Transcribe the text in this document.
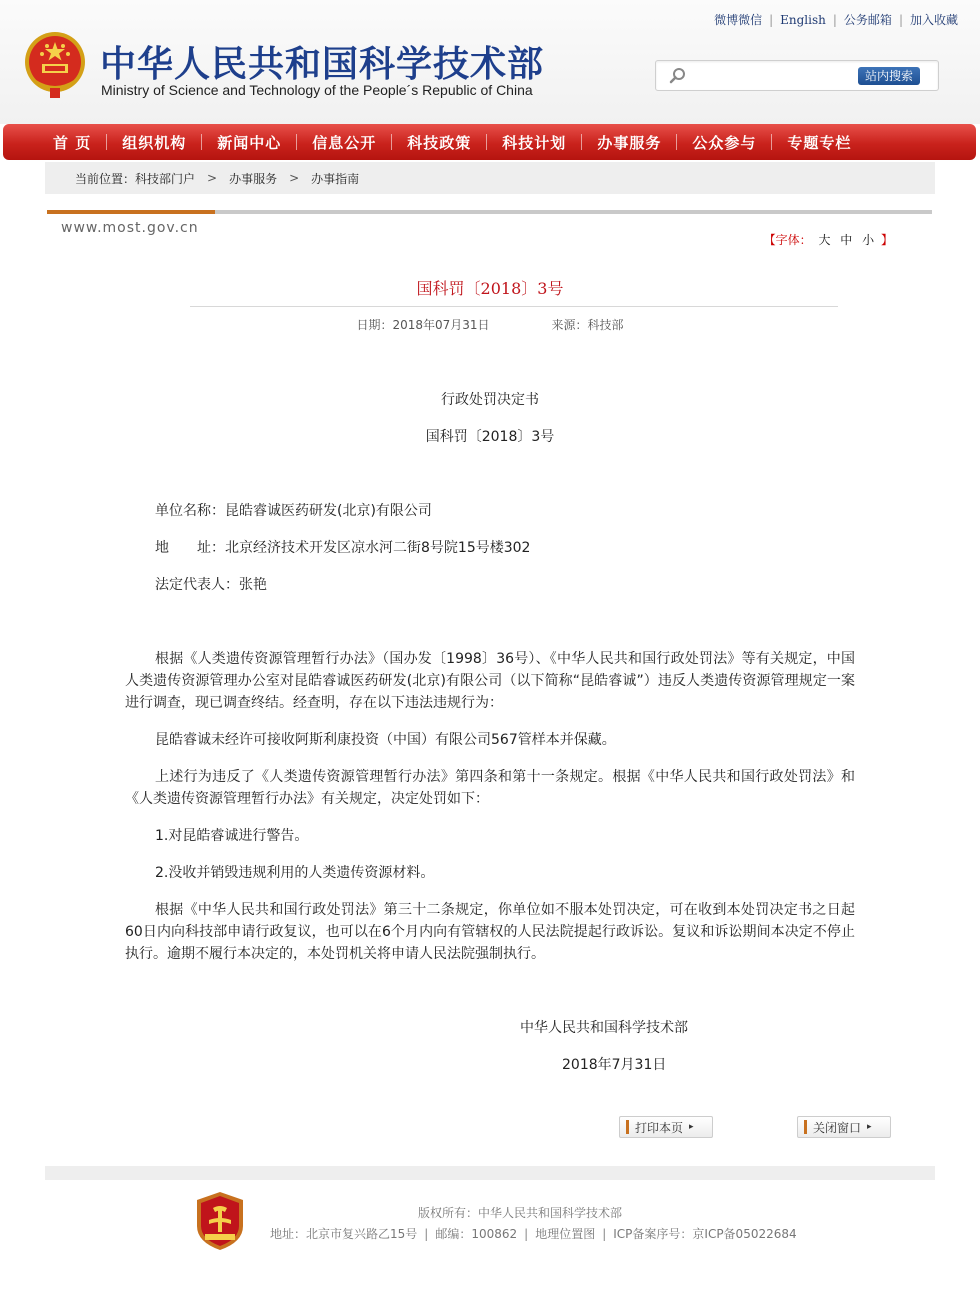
中华人民共和国科学技术部
Ministry of Science and Technology of the People´s Republic of China
微博微信 | English | 公务邮箱 | 加入收藏
站内搜索
首 页 组织机构 新闻中心 信息公开 科技政策 科技计划 办事服务 公众参与 专题专栏
当前位置： 科技部门户 > 办事服务 > 办事指南
www.most.gov.cn
【字体： 大 中 小 】
国科罚〔2018〕3号
日期：2018年07月31日	来源：科技部
行政处罚决定书
国科罚〔2018〕3号
单位名称：昆皓睿诚医药研发(北京)有限公司
地　　址：北京经济技术开发区凉水河二街8号院15号楼302
法定代表人：张艳
根据《人类遗传资源管理暂行办法》（国办发〔1998〕36号）、《中华人民共和国行政处罚法》等有关规定，中国人类遗传资源管理办公室对昆皓睿诚医药研发(北京)有限公司（以下简称“昆皓睿诚”）违反人类遗传资源管理规定一案进行调查，现已调查终结。经查明，存在以下违法违规行为：
昆皓睿诚未经许可接收阿斯利康投资（中国）有限公司567管样本并保藏。
上述行为违反了《人类遗传资源管理暂行办法》第四条和第十一条规定。根据《中华人民共和国行政处罚法》和《人类遗传资源管理暂行办法》有关规定，决定处罚如下：
1.对昆皓睿诚进行警告。
2.没收并销毁违规利用的人类遗传资源材料。
根据《中华人民共和国行政处罚法》第三十二条规定，你单位如不服本处罚决定，可在收到本处罚决定书之日起60日内向科技部申请行政复议，也可以在6个月内向有管辖权的人民法院提起行政诉讼。复议和诉讼期间本决定不停止执行。逾期不履行本决定的，本处罚机关将申请人民法院强制执行。
中华人民共和国科学技术部
2018年7月31日
打印本页 ▸	关闭窗口 ▸
版权所有：中华人民共和国科学技术部
地址：北京市复兴路乙15号 | 邮编：100862 | 地理位置图 | ICP备案序号：京ICP备05022684
